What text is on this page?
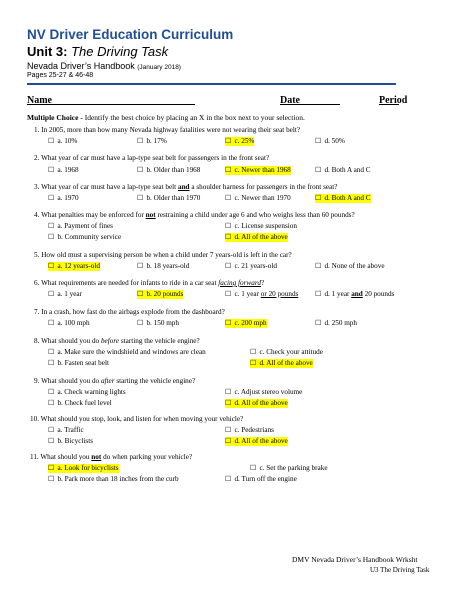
NV Driver Education Curriculum
Unit 3: The Driving Task
Nevada Driver’s Handbook (January 2018)
Pages 25-27 & 46-48
Name	Date	Period
Multiple Choice - Identify the best choice by placing an X in the box next to your selection.
1. In 2005, more than how many Nevada highway fatalities were not wearing their seat belt?
☐ a. 10%	☐ b. 17%	☐ c. 25%	☐ d. 50%
2. What year of car must have a lap-type seat belt for passengers in the front seat?
☐ a. 1968	☐ b. Older than 1968	☐ c. Newer than 1968	☐ d. Both A and C
3. What year of car must have a lap-type seat belt and a shoulder harness for passengers in the front seat?
☐ a. 1970	☐ b. Older than 1970	☐ c. Newer than 1970	☐ d. Both A and C
4. What penalties may be enforced for not restraining a child under age 6 and who weighs less than 60 pounds?
☐ a. Payment of fines	☐ c. License suspension
☐ b. Community service	☐ d. All of the above
5. How old must a supervising person be when a child under 7 years-old is left in the car?
☐ a. 12 years-old	☐ b. 18 years-old	☐ c. 21 years-old	☐ d. None of the above
6. What requirements are needed for infants to ride in a car seat facing forward?
☐ a. 1 year	☐ b. 20 pounds	☐ c. 1 year or 20 pounds ☐ d. 1 year and 20 pounds
7. In a crash, how fast do the airbags explode from the dashboard?
☐ a. 100 mph	☐ b. 150 mph	☐ c. 200 mph	☐ d. 250 mph
8. What should you do before starting the vehicle engine?
☐ a. Make sure the windshield and windows are clean	☐ c. Check your attitude
☐ b. Fasten seat belt	☐ d. All of the above
9. What should you do after starting the vehicle engine?
☐ a. Check warning lights	☐ c. Adjust stereo volume
☐ b. Check fuel level	☐ d. All of the above
10. What should you stop, look, and listen for when moving your vehicle?
☐ a. Traffic	☐ c. Pedestrians
☐ b. Bicyclists	☐ d. All of the above
11. What should you not do when parking your vehicle?
☐ a. Look for bicyclists	☐ c. Set the parking brake
☐ b. Park more than 18 inches from the curb	☐ d. Turn off the engine
DMV Nevada Driver’s Handbook Wrksht
U3 The Driving Task
